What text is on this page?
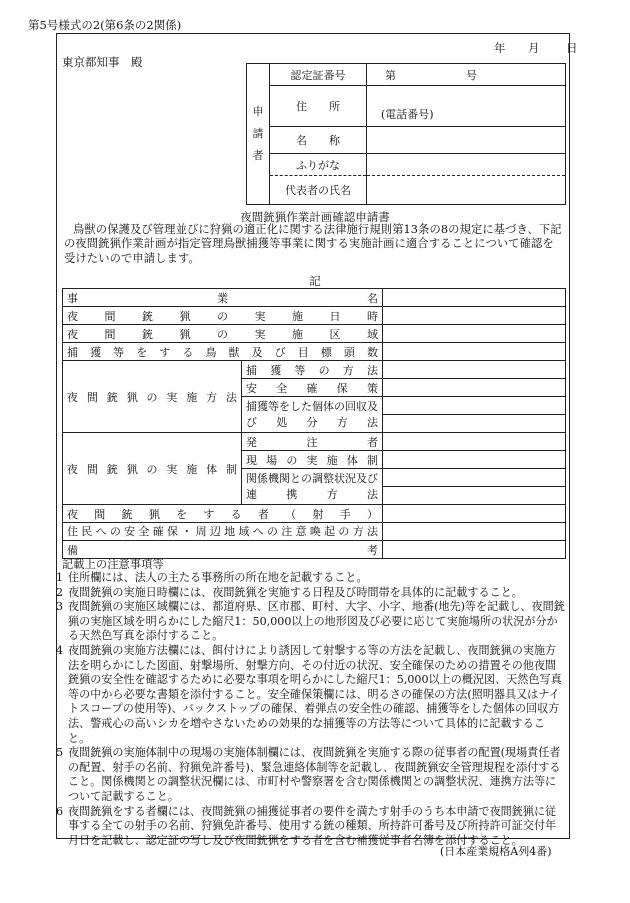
第5号様式の2(第6条の2関係)
年 月 日
東京都知事　殿
申
請
者	認定証番号	第 号
	住　　所	(電話番号)
	名　　称	
	ふりがな	
	代表者の氏名	
夜間銃猟作業計画確認申請書
鳥獣の保護及び管理並びに狩猟の適正化に関する法律施行規則第13条の8の規定に基づき、下記の夜間銃猟作業計画が指定管理鳥獣捕獲等事業に関する実施計画に適合することについて確認を受けたいので申請します。
記
事業名		
夜間銃猟の実施日時		
夜間銃猟の実施区域		
捕獲等をする鳥獣及び目標頭数		
夜間銃猟の実施方法	捕獲等の方法	
	安全確保策	
	捕獲等をした個体の回収及び処分方法	

夜間銃猟の実施体制	発注者	
	現場の実施体制	
	関係機関との調整状況及び連携方法	

夜間銃猟をする者（射手）		
住民への安全確保・周辺地域への注意喚起の方法		
備考		
記載上の注意事項等

1 住所欄には、法人の主たる事務所の所在地を記載すること。

2 夜間銃猟の実施日時欄には、夜間銃猟を実施する日程及び時間帯を具体的に記載すること。

3 夜間銃猟の実施区域欄には、都道府県、区市郡、町村、大字、小字、地番(地先)等を記載し、夜間銃猟の実施区域を明らかにした縮尺1：50,000以上の地形図及び必要に応じて実施場所の状況が分かる天然色写真を添付すること。

4 夜間銃猟の実施方法欄には、餌付けにより誘因して射撃する等の方法を記載し、夜間銃猟の実施方法を明らかにした図面、射撃場所、射撃方向、その付近の状況、安全確保のための措置その他夜間銃猟の安全性を確認するために必要な事項を明らかにした縮尺1：5,000以上の概況図、天然色写真等の中から必要な書類を添付すること。安全確保策欄には、明るさの確保の方法(照明器具又はナイトスコープの使用等)、バックストップの確保、着弾点の安全性の確認、捕獲等をした個体の回収方法、警戒心の高いシカを増やさないための効果的な捕獲等の方法等について具体的に記載すること。

5 夜間銃猟の実施体制中の現場の実施体制欄には、夜間銃猟を実施する際の従事者の配置(現場責任者の配置、射手の名前、狩猟免許番号)、緊急連絡体制等を記載し、夜間銃猟安全管理規程を添付すること。関係機関との調整状況欄には、市町村や警察署を含む関係機関との調整状況、連携方法等について記載すること。

6 夜間銃猟をする者欄には、夜間銃猟の捕獲従事者の要件を満たす射手のうち本申請で夜間銃猟に従事する全ての射手の名前、狩猟免許番号、使用する銃の種類、所持許可番号及び所持許可証交付年月日を記載し、認定証の写し及び夜間銃猟をする者を含む補獲従事者名簿を添付すること。

(日本産業規格A列4番)
